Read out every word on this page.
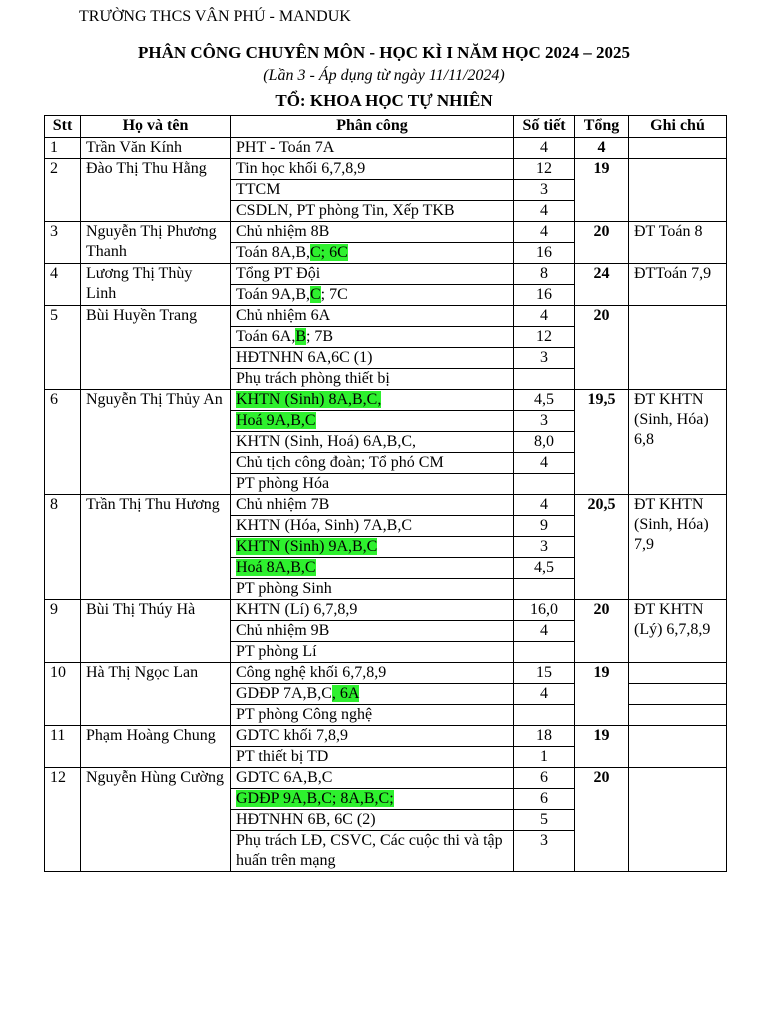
TRƯỜNG THCS VÂN PHÚ - MANDUK
PHÂN CÔNG CHUYÊN MÔN - HỌC KÌ I NĂM HỌC 2024 – 2025
(Lần 3 - Áp dụng từ ngày 11/11/2024)
TỔ: KHOA HỌC TỰ NHIÊN
Stt	Họ và tên	Phân công	Số tiết	Tổng	Ghi chú
1	Trần Văn Kính	PHT - Toán 7A	4	4	
2	Đào Thị Thu Hằng	Tin học khối 6,7,8,9	12	19	
		TTCM	3		
		CSDLN, PT phòng Tin, Xếp TKB	4		
3	Nguyễn Thị Phương Thanh	Chủ nhiệm 8B	4	20	ĐT Toán 8
		Toán 8A,B,C; 6C	16		
4	Lương Thị Thùy Linh	Tổng PT Đội	8	24	ĐTToán 7,9
		Toán 9A,B,C; 7C	16		
5	Bùi Huyền Trang	Chủ nhiệm 6A	4	20	
		Toán 6A,B; 7B	12		
		HĐTNHN 6A,6C (1)	3		
		Phụ trách phòng thiết bị			
6	Nguyễn Thị Thủy An	KHTN (Sinh) 8A,B,C,	4,5	19,5	ĐT KHTN (Sinh, Hóa) 6,8
		Hoá 9A,B,C	3		
		KHTN (Sinh, Hoá) 6A,B,C,	8,0		
		Chủ tịch công đoàn; Tổ phó CM	4		
		PT phòng Hóa			
8	Trần Thị Thu Hương	Chủ nhiệm 7B	4	20,5	ĐT KHTN (Sinh, Hóa) 7,9
		KHTN (Hóa, Sinh) 7A,B,C	9		
		KHTN (Sinh) 9A,B,C	3		
		Hoá 8A,B,C	4,5		
		PT phòng Sinh			
9	Bùi Thị Thúy Hà	KHTN (Lí) 6,7,8,9	16,0	20	ĐT KHTN (Lý) 6,7,8,9
		Chủ nhiệm 9B	4		
		PT phòng Lí			
10	Hà Thị Ngọc Lan	Công nghệ khối 6,7,8,9	15	19	
		GDĐP 7A,B,C, 6A	4		
		PT phòng Công nghệ			
11	Phạm Hoàng Chung	GDTC khối 7,8,9	18	19	
		PT thiết bị TD	1		
12	Nguyễn Hùng Cường	GDTC 6A,B,C	6	20	
		GDĐP 9A,B,C; 8A,B,C;	6		
		HĐTNHN 6B, 6C (2)	5		
		Phụ trách LĐ, CSVC, Các cuộc thi và tập huấn trên mạng	3		
